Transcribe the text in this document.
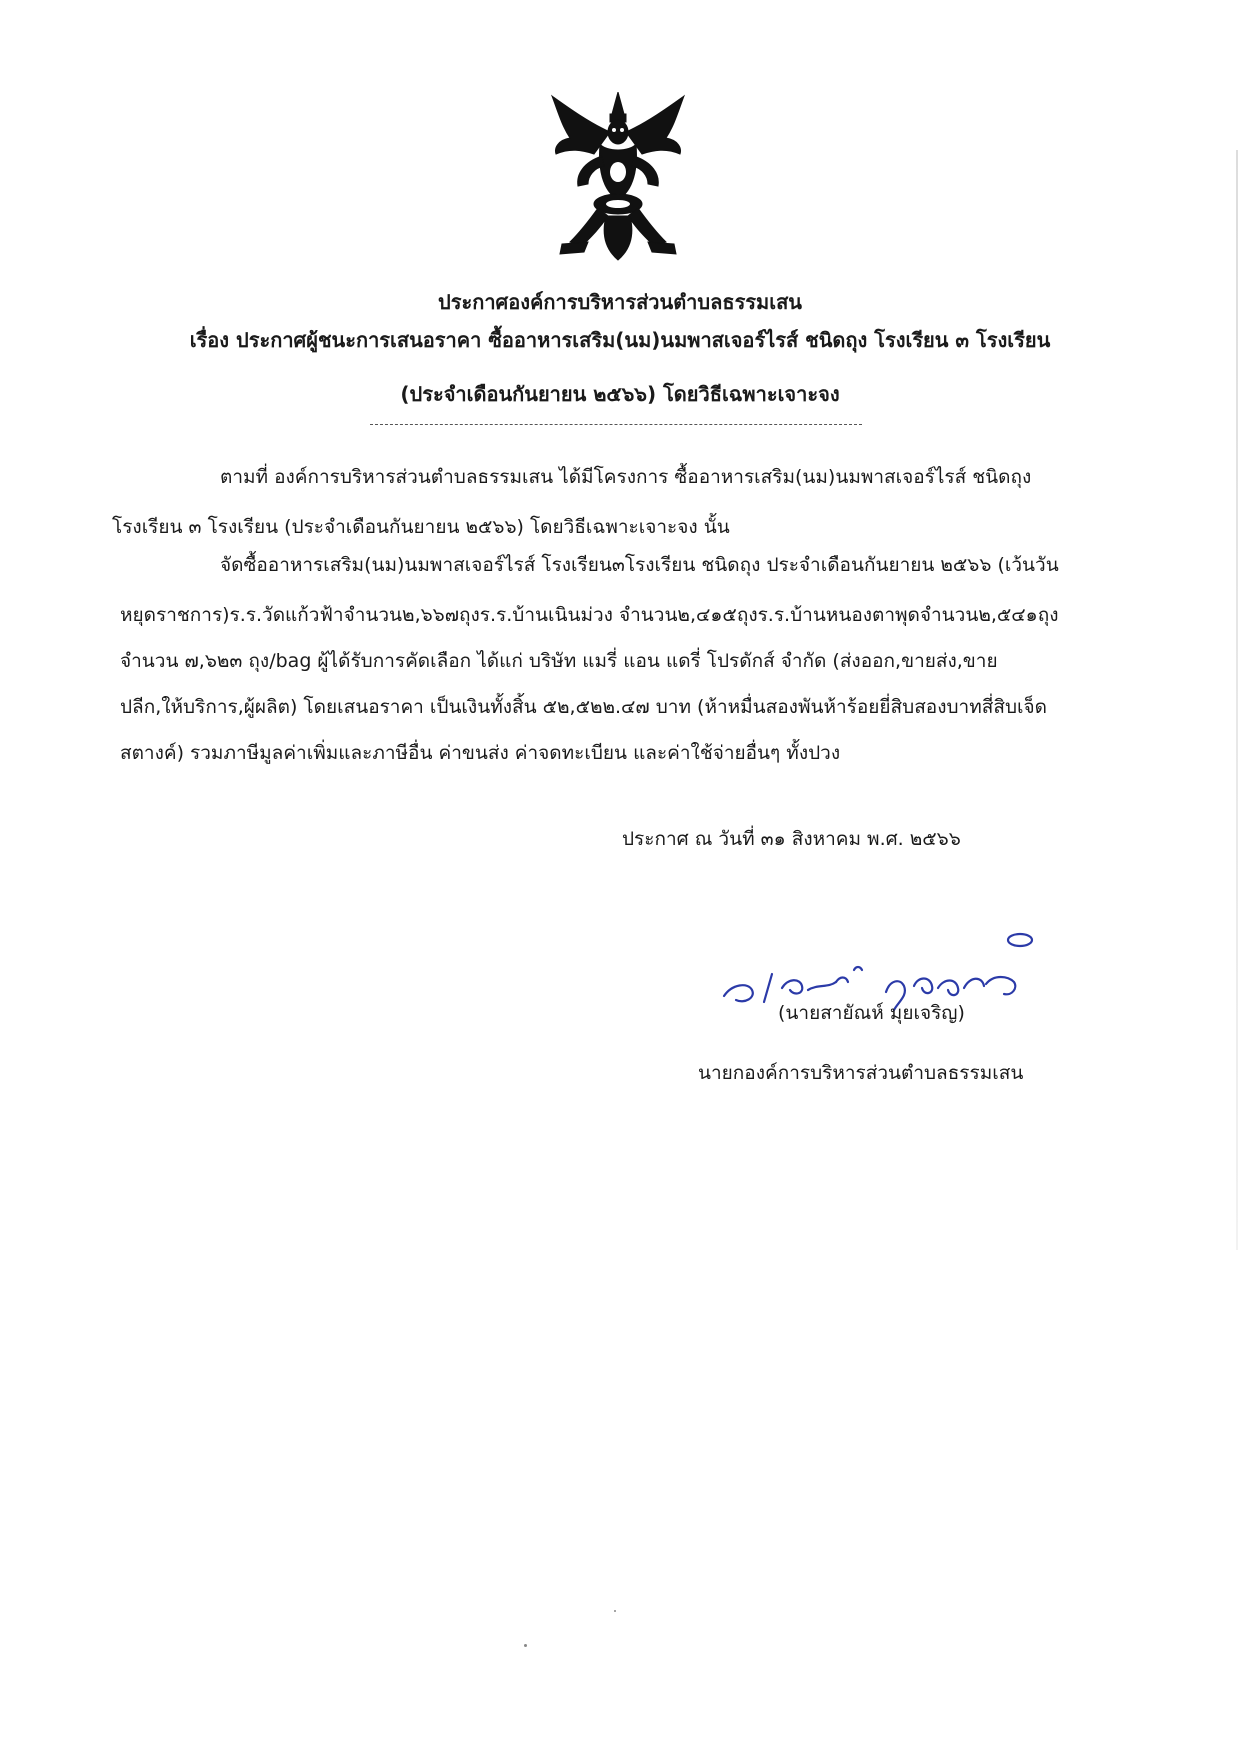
ประกาศองค์การบริหารส่วนตำบลธรรมเสน
เรื่อง ประกาศผู้ชนะการเสนอราคา ซื้ออาหารเสริม(นม)นมพาสเจอร์ไรส์ ชนิดถุง โรงเรียน ๓ โรงเรียน
(ประจำเดือนกันยายน ๒๕๖๖) โดยวิธีเฉพาะเจาะจง
ตามที่ องค์การบริหารส่วนตำบลธรรมเสน ได้มีโครงการ ซื้ออาหารเสริม(นม)นมพาสเจอร์ไรส์ ชนิดถุง
โรงเรียน ๓ โรงเรียน (ประจำเดือนกันยายน ๒๕๖๖) โดยวิธีเฉพาะเจาะจง นั้น
จัดซื้ออาหารเสริม(นม)นมพาสเจอร์ไรส์ โรงเรียน๓โรงเรียน ชนิดถุง ประจำเดือนกันยายน ๒๕๖๖ (เว้นวัน
หยุดราชการ)ร.ร.วัดแก้วฟ้าจำนวน๒,๖๖๗ถุงร.ร.บ้านเนินม่วง จำนวน๒,๔๑๕ถุงร.ร.บ้านหนองตาพุดจำนวน๒,๕๔๑ถุง
จำนวน ๗,๖๒๓ ถุง/bag ผู้ได้รับการคัดเลือก ได้แก่ บริษัท แมรี่ แอน แดรี่ โปรดักส์ จำกัด (ส่งออก,ขายส่ง,ขาย
ปลีก,ให้บริการ,ผู้ผลิต) โดยเสนอราคา เป็นเงินทั้งสิ้น ๕๒,๕๒๒.๔๗ บาท (ห้าหมื่นสองพันห้าร้อยยี่สิบสองบาทสี่สิบเจ็ด
สตางค์) รวมภาษีมูลค่าเพิ่มและภาษีอื่น ค่าขนส่ง ค่าจดทะเบียน และค่าใช้จ่ายอื่นๆ ทั้งปวง
ประกาศ ณ วันที่ ๓๑ สิงหาคม พ.ศ. ๒๕๖๖
(นายสายัณห์ มุยเจริญ)
นายกองค์การบริหารส่วนตำบลธรรมเสน
